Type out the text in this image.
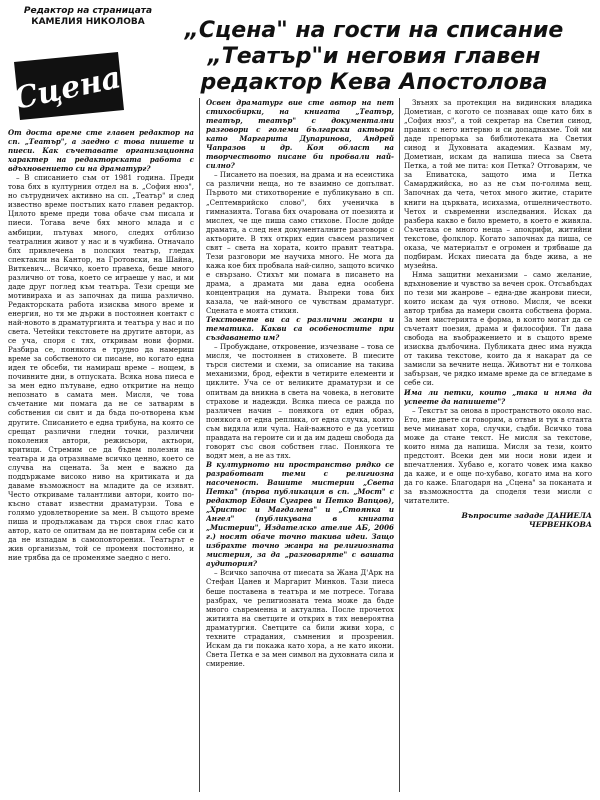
Редактор на страницата
КАМЕЛИЯ НИКОЛОВА
Сцена
„Сцена" на гости на списание „Театър"и неговия главен редактор Кева Апостолова

От доста време сте главен редактор на сп. „Театър", а заедно с това пишете и пиеси. Как съчетавате организационна характер на редакторската работа с вдъхновението си на драматург?

– В списанието съм от 1981 година. Преди това бях в културния отдел на в. „София нюз", но сътрудничех активно на сп. „Театър" и след известно време постъпих като главен редактор. Цялото време преди това обаче съм писала и пиеси. Тогава вече бях много млада и с амбиции, пътувах много, следях отблизо театралния живот у нас и в чужбина. Отначало бях привлечена в полския театър, гледах спектакли на Кантор, на Гротовски, на Шайна, Виткевич... Всичко, което правеха, беше много различно от това, което се играеше у нас, и ми даде друг поглед към театъра. Тези срещи ме мотивираха и аз започнах да пиша различно. Редакторската работа изисква много време и енергия, но тя ме държи в постоянен контакт с най-новото в драматургията и театъра у нас и по света. Четейки текстовете на другите автори, аз се уча, споря с тях, откривам нови форми. Разбира се, понякога е трудно да намериш време за собственото си писане, но когато една идея те обсеби, ти намираш време – нощем, в почивните дни, в отпуската. Всяка нова пиеса е за мен едно пътуване, едно откритие на нещо непознато в самата мен. Мисля, че това съчетание ми помага да не се затварям в собствения си свят и да бъда по-отворена към другите. Списанието е една трибуна, на която се срещат различни гледни точки, различни поколения автори, режисьори, актьори, критици. Стремим се да бъдем полезни на театъра и да отразяваме всичко ценно, което се случва на сцената. За мен е важно да поддържаме високо ниво на критиката и да даваме възможност на младите да се изявят. Често откриваме талантливи автори, които по-късно стават известни драматурзи. Това е голямо удовлетворение за мен. В същото време пиша и продължавам да търся своя глас като автор, като се опитвам да не повтарям себе си и да не изпадам в самоповторения. Театърът е жив организъм, той се променя постоянно, и ние трябва да се променяме заедно с него.

Освен драматург вие сте автор на пет стихосбирки, на книгата „Театър, театър, театър" с документални разговори с големи български актьори като Маргарита Дупаринова, Андрей Чапразов и др. Коя област на творчеството писане би пробвали най-силно?

– Писането на поезия, на драма и на есеистика са различни неща, но те взаимно се допълват. Първото ми стихотворение е публикувано в сп. „Септемврийско слово", бях ученичка в гимназията. Тогава бях очарована от поезията и мислех, че ще пиша само стихове. После дойде драмата, а след нея документалните разговори с актьорите. В тях открих един съвсем различен свят – света на хората, които правят театъра. Тези разговори ме научиха много. Не мога да кажа кое бих пробвала най-силно, защото всичко е свързано. Стихът ми помага в писането на драма, а драмата ми дава една особена концентрация на думата. Въпреки това бих казала, че най-много се чувствам драматург. Сцената е моята стихия.

Текстовете ви са с различни жанри и тематика. Какви са особеностите при създаването им?

– Пробуждане, откровение, изчезване – това се мисля, че постоянен в стиховете. В пиесите търся системи и схеми, за описание на такива механизми, брод, ефекти в четирите елементи и циклите. Уча се от великите драматурзи и се опитвам да вникна в света на човека, в неговите страхове и надежди. Всяка пиеса се ражда по различен начин – понякога от един образ, понякога от една реплика, от една случка, която съм видяла или чула. Най-важното е да усетиш правдата на героите си и да им дадеш свобода да говорят със своя собствен глас. Понякога те водят мен, а не аз тях.

В културното ни пространство рядко се разработват теми с религиозна насоченост. Вашите мистерии „Света Петка" (първа публикация в сп. „Мост" с редактор Едвин Сугарев и Петко Вапцов), „Христос и Магдалена" и „Стоянка и Ангел" (публикувана в книгата „Мистерии", Издателско ателие АБ, 2006 г.) носят обаче точно такива идеи. Защо избрахте точно жанра на религиозната мистерия, за да „разговаряте" с вашата аудитория?

– Всичко започна от пиесата за Жана Д'Арк на Стефан Цанев и Маргарит Минков. Тази пиеса беше поставена в театъра и ме потресе. Тогава разбрах, че религиозната тема може да бъде много съвременна и актуална. После прочетох житията на светците и открих в тях невероятна драматургия. Светците са били живи хора, с техните страдания, съмнения и прозрения. Искам да ги покажа като хора, а не като икони. Света Петка е за мен символ на духовната сила и смирение.

Звънях за протекция на видинския владика Дометиан, с когото се познавах още като бях в „София нюз", а той секретар на Светия синод, правих с него интервю и си допаднахме. Той ми даде препоръка за библиотеката на Светия синод и Духовната академия. Казвам му, Дометиан, искам да напиша пиеса за Света Петка, а той ме пита: коя Петка? Отговарям, че за Епиватска, защото има и Петка Самарджийска, но аз не съм по-голяма вещ. Започнах да чета, четох много житие, старите книги на църквата, исихазма, отшелничеството. Четох и съвременни изследвания. Исках да разбера какво е било времето, в което е живяла. Съчетаха се много неща – апокрифи, житийни текстове, фолклор. Когато започнах да пиша, се оказа, че материалът е огромен и трябваше да подбирам. Исках пиесата да бъде жива, а не музейна.

Няма защитни механизми – само желание, вдъхновение и чувство за вечен срок. Отсъвбъдах по тези ми жанрове – една-две жанрови пиеси, които искам да чуя отново. Мисля, че всеки автор трябва да намери своята собствена форма. За мен мистерията е форма, в която могат да се съчетаят поезия, драма и философия. Тя дава свобода на въображението и в същото време изисква дълбочина. Публиката днес има нужда от такива текстове, които да я накарат да се замисли за вечните неща. Животът ни е толкова забързан, че рядко имаме време да се вгледаме в себе си.

Има ли петки, които „така и няма да успеете да напишете"?

– Текстът за онова в пространството около нас. Ето, ние двете си говорим, а отвън и тук в стаята вече минават хора, случки, съдби. Всичко това може да стане текст. Не мисля за текстове, които няма да напиша. Мисля за тези, които предстоят. Всеки ден ми носи нови идеи и впечатления. Хубаво е, когато човек има какво да каже, и е още по-хубаво, когато има на кого да го каже. Благодаря на „Сцена" за поканата и за възможността да споделя тези мисли с читателите.

Въпросите зададе ДАНИЕЛА ЧЕРВЕНКОВА
